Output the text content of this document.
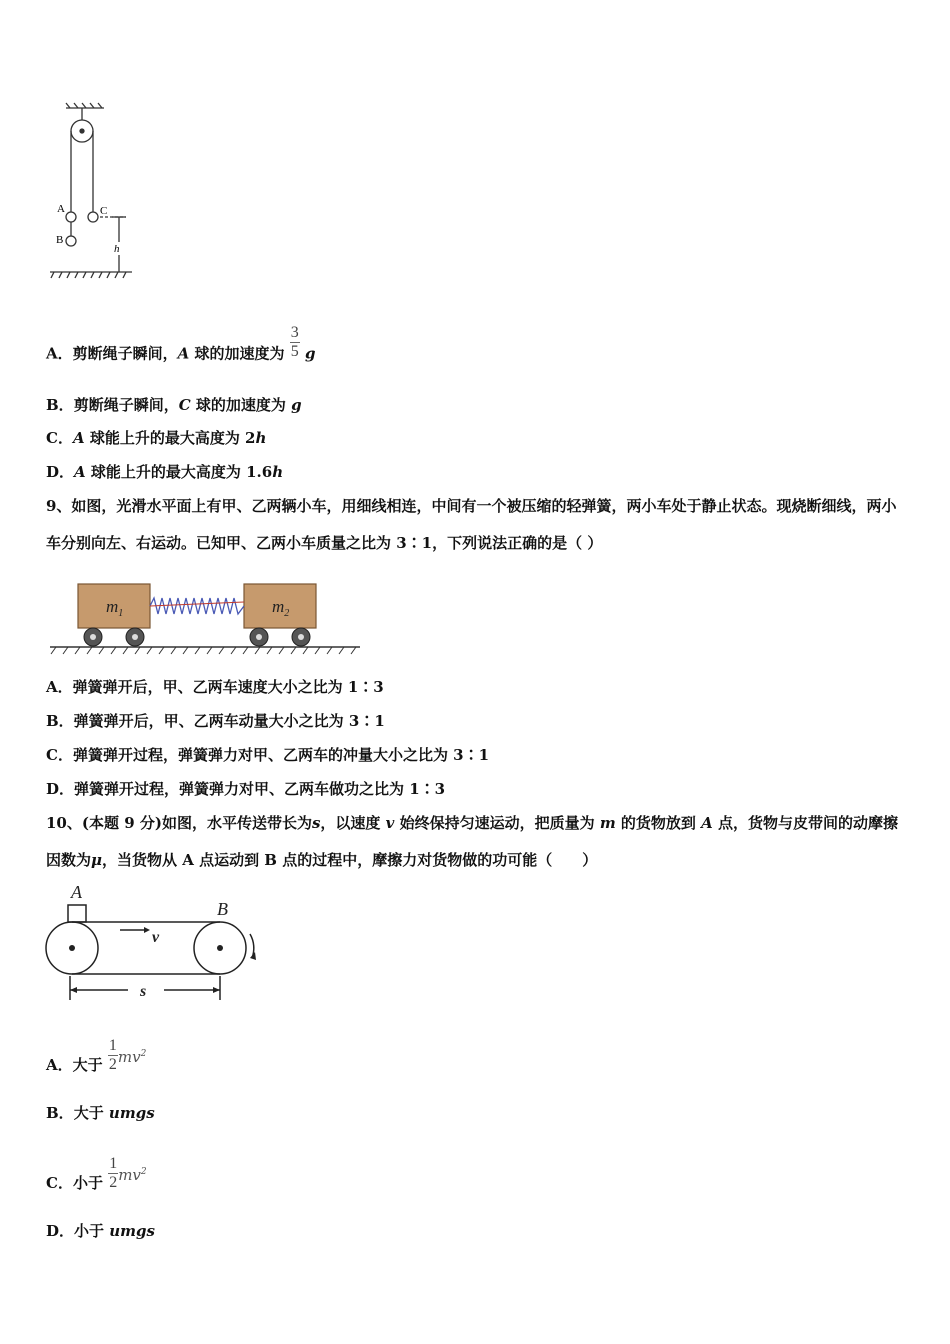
A
B
C
h
A．剪断绳子瞬间，A 球的加速度为 $\frac{3}{5}$ g
B．剪断绳子瞬间，C 球的加速度为 g
C．A 球能上升的最大高度为 2h
D．A 球能上升的最大高度为 1.6h
9、如图，光滑水平面上有甲、乙两辆小车，用细线相连，中间有一个被压缩的轻弹簧，两小车处于静止状态。现烧断细线，两小车分别向左、右运动。已知甲、乙两小车质量之比为 3∶1，下列说法正确的是（ ）
$m_1$	$m_2$
A．弹簧弹开后，甲、乙两车速度大小之比为 1∶3
B．弹簧弹开后，甲、乙两车动量大小之比为 3∶1
C．弹簧弹开过程，弹簧弹力对甲、乙两车的冲量大小之比为 3∶1
D．弹簧弹开过程，弹簧弹力对甲、乙两车做功之比为 1∶3
10、(本题 9 分)如图，水平传送带长为s，以速度 v 始终保持匀速运动，把质量为 m 的货物放到 A 点，货物与皮带间的动摩擦因数为μ，当货物从 A 点运动到 B 点的过程中，摩擦力对货物做的功可能（　　）
A
B
v
s
A．大于 $\frac{1}{2} mv^2$
B．大于 umgs
C．小于 $\frac{1}{2} mv^2$
D．小于 umgs
